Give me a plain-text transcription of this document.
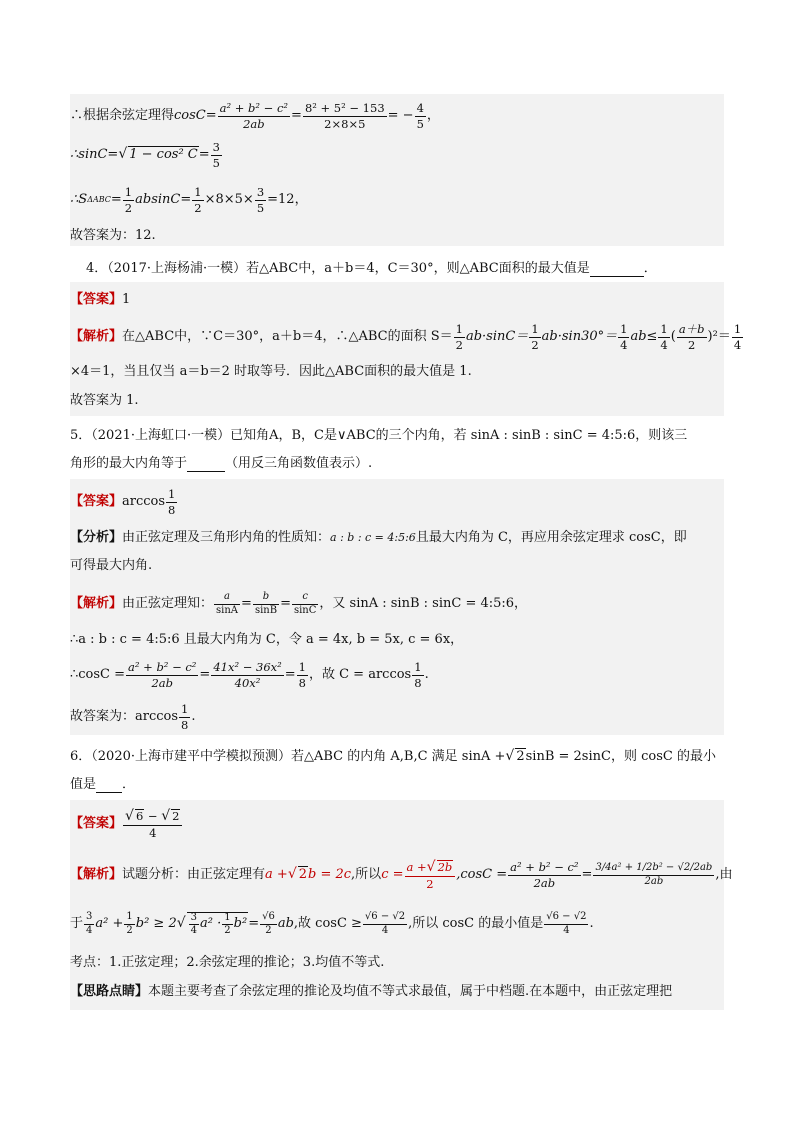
∴根据余弦定理得 $\cos C= \frac{\text{a² + b² − c²}}{2ab} = \frac{\text{8² + 5² − 153}}{2\times 8\times 5}$ = − $\frac{4}{5}$ ，
∴sinC= √ 1 − cos² $C = \frac{3}{5}$
∴S $\Delta ABC = \frac{1}{2} absinC= \frac{1}{2} \times 8\times 5\times \frac{3}{5} =12$，
故答案为：12.
4．（2017·上海杨浦·一模）若△ABC中，a＋b＝4，C＝30°，则△ABC面积的最大值是	．
【答案】1
【解析】 在△ABC中，∵C＝30°，a＋b＝4，∴△ABC的面积 $S= \frac{1}{2} ab\cdot\sin C= \frac{1}{2} ab\cdot\sin 30^\circ= \frac{1}{4} ab\le \frac{1}{4}$ ( $\frac{a+b}{2} )^2= \frac{1}{4}$
×4＝1，当且仅当 a＝b＝2 时取等号．因此△ABC面积的最大值是 1.
故答案为 1.
5．（2021·上海虹口·一模）已知角A，B，C是∨ABC的三个内角，若 sinA : sinB : sinC = 4:5:6，则该三
角形的最大内角等于	（用反三角函数值表示）.
【答案】 $\arccos \frac{1}{8}$
【分析】由正弦定理及三角形内角的性质知：a : b : c = 4:5:6且最大内角为 C，再应用余弦定理求 cosC，即
可得最大内角.
【解析】 由正弦定理知： $\frac{a}{\sin A} = \frac{b}{\sin B} = \frac{c}{\sin C}$ ，又 sinA : sinB : sinC = 4:5:6，
∴a : b : c = 4:5:6 且最大内角为 C，令 a = 4x, b = 5x, c = 6x，
∴cosC = $\frac{\text{a² + b² − c²}}{2ab} = \frac{\text{41x² − 36x²}}{\text{40x²}} = \frac{1}{8}$ ，故 $C = \arccos \frac{1}{8}$ .
故答案为： $\arccos \frac{1}{8}$ .
6．（2020·上海市建平中学模拟预测）若△ABC 的内角 A,B,C 满足 sinA +√ 2sinB = 2sinC，则 cosC 的最小
值是 ．
【答案】 $\frac{√ 6 - √ 2}{4}$
【解析】 试题分析：由正弦定理有 a + √ 2 b = 2c ,所以 $c = \frac{a +√ 2b}{2} ,\cos C = \frac{\text{a² + b² − c²}}{2ab} = \frac{\text{3/4a² + 1/2b² − √2/2ab}}{2ab}$ ,由
于 $\frac{3}{4} a^2 + \frac{1}{2} b^2 \ge 2$ √ $\frac{3}{4} a^2 \cdot \frac{1}{2} b^2 = \frac{√6}{2}$ ab ,故 $\cos C \ge \frac{√6 - √2}{4}$ ,所以 cosC 的最小值是 $\frac{√6 - √2}{4}$ .
考点：1.正弦定理；2.余弦定理的推论；3.均值不等式.
【思路点睛】本题主要考查了余弦定理的推论及均值不等式求最值，属于中档题.在本题中，由正弦定理把
